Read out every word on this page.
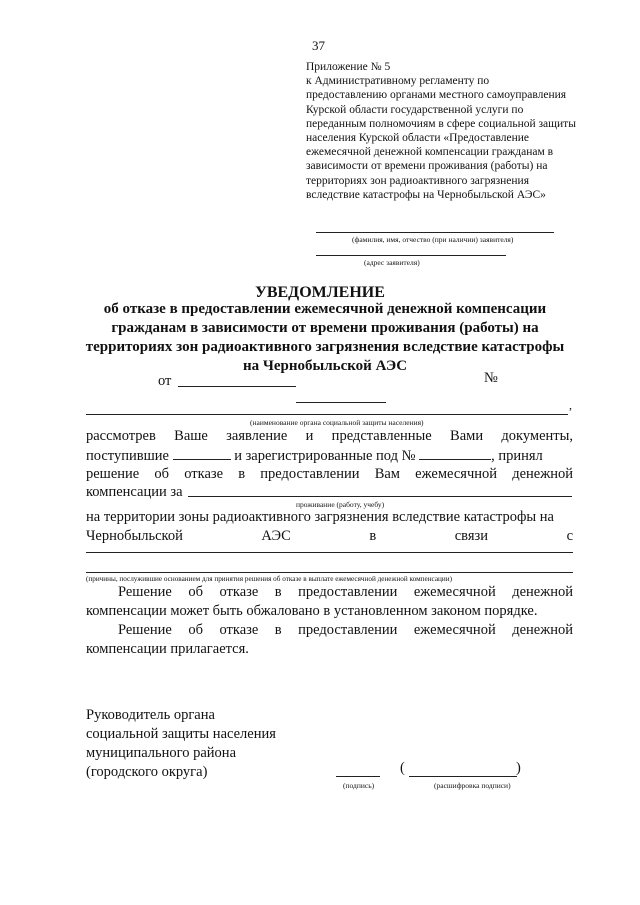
37
Приложение № 5
к Административному регламенту по
предоставлению органами местного самоуправления
Курской области государственной услуги по
переданным полномочиям в сфере социальной защиты
населения Курской области «Предоставление
ежемесячной денежной компенсации гражданам в
зависимости от времени проживания (работы) на
территориях зон радиоактивного загрязнения
вследствие катастрофы на Чернобыльской АЭС»
(фамилия, имя, отчество (при наличии) заявителя)
(адрес заявителя)
УВЕДОМЛЕНИЕ
об отказе в предоставлении ежемесячной денежной компенсации
гражданам в зависимости от времени проживания (работы) на
территориях зон радиоактивного загрязнения вследствие катастрофы
на Чернобыльской АЭС
от	№
,
(наименование органа социальной защиты населения)
рассмотрев Ваше заявление и представленные Вами документы,
поступившие	и зарегистрированные под №	, принял
решение об отказе в предоставлении Вам ежемесячной денежной
компенсации за
проживание (работу, учебу)
на территории зоны радиоактивного загрязнения вследствие катастрофы на
Чернобыльской	АЭС	в	связи	с
(причины, послужившие основанием для принятия решения об отказе в выплате ежемесячной денежной компенсации)
Решение об отказе в предоставлении ежемесячной денежной
компенсации может быть обжаловано в установленном законом порядке.
Решение об отказе в предоставлении ежемесячной денежной
компенсации прилагается.
Руководитель органа
социальной защиты населения
муниципального района
(городского округа)
(подпись)
(	)
(расшифровка подписи)
